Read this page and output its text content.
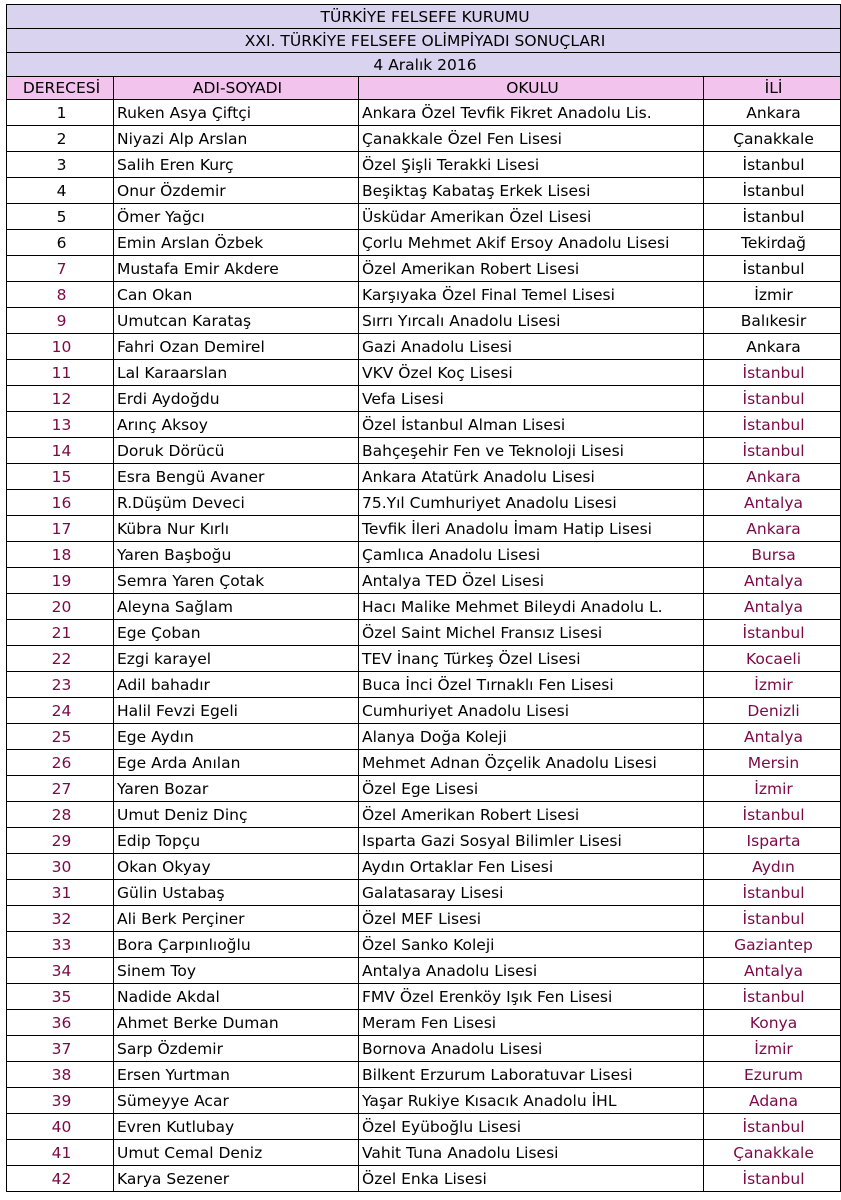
TÜRKİYE FELSEFE KURUMU			
XXI. TÜRKİYE FELSEFE OLİMPİYADI SONUÇLARI			
4 Aralık 2016			
DERECESİ	ADI-SOYADI	OKULU	İLİ
1	Ruken Asya Çiftçi	Ankara Özel Tevfik Fikret Anadolu Lis.	Ankara
2	Niyazi Alp Arslan	Çanakkale Özel Fen Lisesi	Çanakkale
3	Salih Eren Kurç	Özel Şişli Terakki Lisesi	İstanbul
4	Onur Özdemir	Beşiktaş Kabataş Erkek Lisesi	İstanbul
5	Ömer Yağcı	Üsküdar Amerikan Özel Lisesi	İstanbul
6	Emin Arslan Özbek	Çorlu Mehmet Akif Ersoy Anadolu Lisesi	Tekirdağ
7	Mustafa Emir Akdere	Özel Amerikan Robert Lisesi	İstanbul
8	Can Okan	Karşıyaka Özel Final Temel Lisesi	İzmir
9	Umutcan Karataş	Sırrı Yırcalı Anadolu Lisesi	Balıkesir
10	Fahri Ozan Demirel	Gazi Anadolu Lisesi	Ankara
11	Lal Karaarslan	VKV Özel Koç Lisesi	İstanbul
12	Erdi Aydoğdu	Vefa Lisesi	İstanbul
13	Arınç Aksoy	Özel İstanbul Alman Lisesi	İstanbul
14	Doruk Dörücü	Bahçeşehir Fen ve Teknoloji Lisesi	İstanbul
15	Esra Bengü Avaner	Ankara Atatürk Anadolu Lisesi	Ankara
16	R.Düşüm Deveci	75.Yıl Cumhuriyet Anadolu Lisesi	Antalya
17	Kübra Nur Kırlı	Tevfik İleri Anadolu İmam Hatip Lisesi	Ankara
18	Yaren Başboğu	Çamlıca Anadolu Lisesi	Bursa
19	Semra Yaren Çotak	Antalya TED Özel Lisesi	Antalya
20	Aleyna Sağlam	Hacı Malike Mehmet Bileydi Anadolu L.	Antalya
21	Ege Çoban	Özel Saint Michel Fransız Lisesi	İstanbul
22	Ezgi karayel	TEV İnanç Türkeş Özel Lisesi	Kocaeli
23	Adil bahadır	Buca İnci Özel Tırnaklı Fen Lisesi	İzmir
24	Halil Fevzi Egeli	Cumhuriyet Anadolu Lisesi	Denizli
25	Ege Aydın	Alanya Doğa Koleji	Antalya
26	Ege Arda Anılan	Mehmet Adnan Özçelik Anadolu Lisesi	Mersin
27	Yaren Bozar	Özel Ege Lisesi	İzmir
28	Umut Deniz Dinç	Özel Amerikan Robert Lisesi	İstanbul
29	Edip Topçu	Isparta Gazi Sosyal Bilimler Lisesi	Isparta
30	Okan Okyay	Aydın Ortaklar Fen Lisesi	Aydın
31	Gülin Ustabaş	Galatasaray Lisesi	İstanbul
32	Ali Berk Perçiner	Özel MEF Lisesi	İstanbul
33	Bora Çarpınlıoğlu	Özel Sanko Koleji	Gaziantep
34	Sinem Toy	Antalya Anadolu Lisesi	Antalya
35	Nadide Akdal	FMV Özel Erenköy Işık Fen Lisesi	İstanbul
36	Ahmet Berke Duman	Meram Fen Lisesi	Konya
37	Sarp Özdemir	Bornova Anadolu Lisesi	İzmir
38	Ersen Yurtman	Bilkent Erzurum Laboratuvar Lisesi	Ezurum
39	Sümeyye Acar	Yaşar Rukiye Kısacık Anadolu İHL	Adana
40	Evren Kutlubay	Özel Eyüboğlu Lisesi	İstanbul
41	Umut Cemal Deniz	Vahit Tuna Anadolu Lisesi	Çanakkale
42	Karya Sezener	Özel Enka Lisesi	İstanbul
